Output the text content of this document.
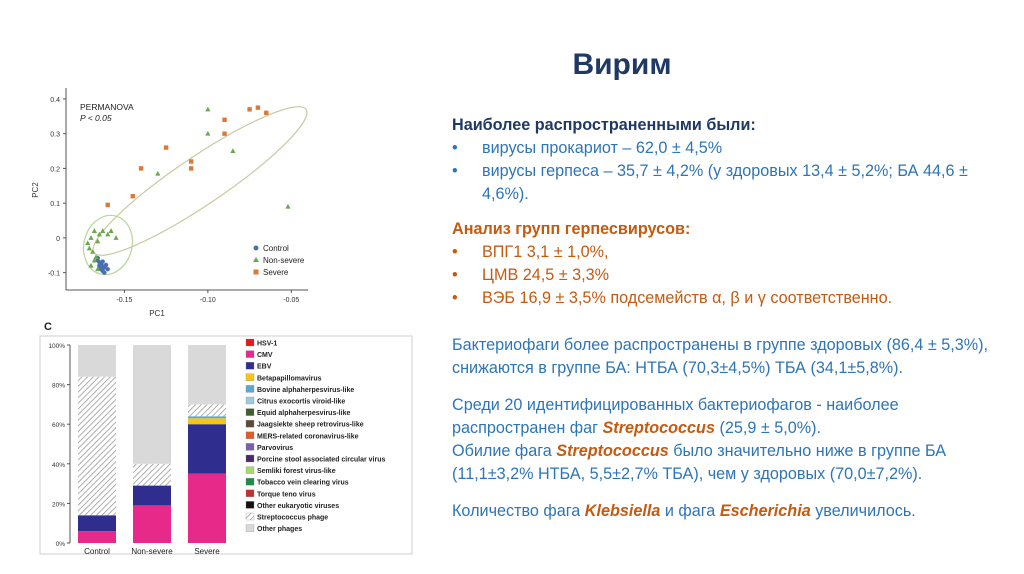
Вирим
-0.1
0
0.1
0.2
0.3
0.4
-0.15	-0.10	-0.05
PC1
PC2
PERMANOVA
P < 0.05
Control
Non-severe
Severe
C
0%
20%
40%
60%
80%
100%
Control	Non-severe	Severe
HSV-1
CMV
EBV
Betapapillomavirus
Bovine alphaherpesvirus-like
Citrus exocortis viroid-like
Equid alphaherpesvirus-like
Jaagsiekte sheep retrovirus-like
MERS-related coronavirus-like
Parvovirus
Porcine stool associated circular virus
Semliki forest virus-like
Tobacco vein clearing virus
Torque teno virus
Other eukaryotic viruses
Streptococcus phage
Other phages
Наиболее распространенными были:
• вирусы прокариот – 62,0 ± 4,5%
• вирусы герпеса – 35,7 ± 4,2% (у здоровых 13,4 ± 5,2%; БА 44,6 ± 4,6%).
Анализ групп герпесвирусов:
• ВПГ1 3,1 ± 1,0%,
• ЦМВ 24,5 ± 3,3%
• ВЭБ 16,9 ± 3,5% подсемейств α, β и γ соответственно.
Бактериофаги более распространены в группе здоровых (86,4 ± 5,3%), снижаются в группе БА: НТБА (70,3±4,5%) ТБА (34,1±5,8%).
Среди 20 идентифицированных бактериофагов - наиболее распространен фаг Streptococcus (25,9 ± 5,0%).
Обилие фага Streptococcus было значительно ниже в группе БА (11,1±3,2% НТБА, 5,5±2,7% ТБА), чем у здоровых (70,0±7,2%).
Количество фага Klebsiella и фага Escherichia увеличилось.
